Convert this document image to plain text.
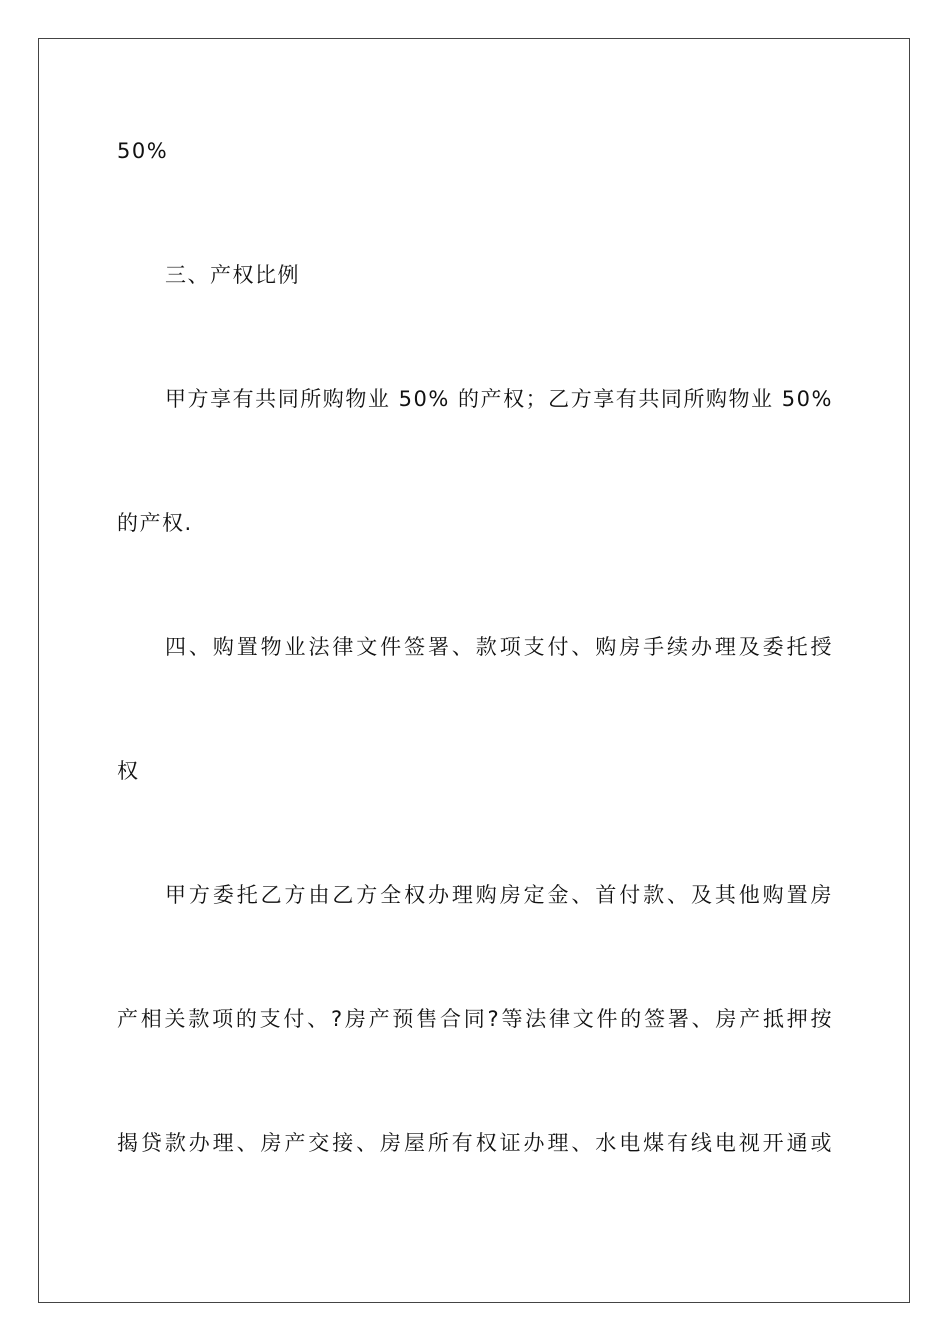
50%
三、产权比例
甲方享有共同所购物业 50% 的产权；乙方享有共同所购物业 50%
的产权.
四、购置物业法律文件签署、款项支付、购房手续办理及委托授
权
甲方委托乙方由乙方全权办理购房定金、首付款、及其他购置房
产相关款项的支付、?房产预售合同?等法律文件的签署、房产抵押按
揭贷款办理、房产交接、房屋所有权证办理、水电煤有线电视开通或
